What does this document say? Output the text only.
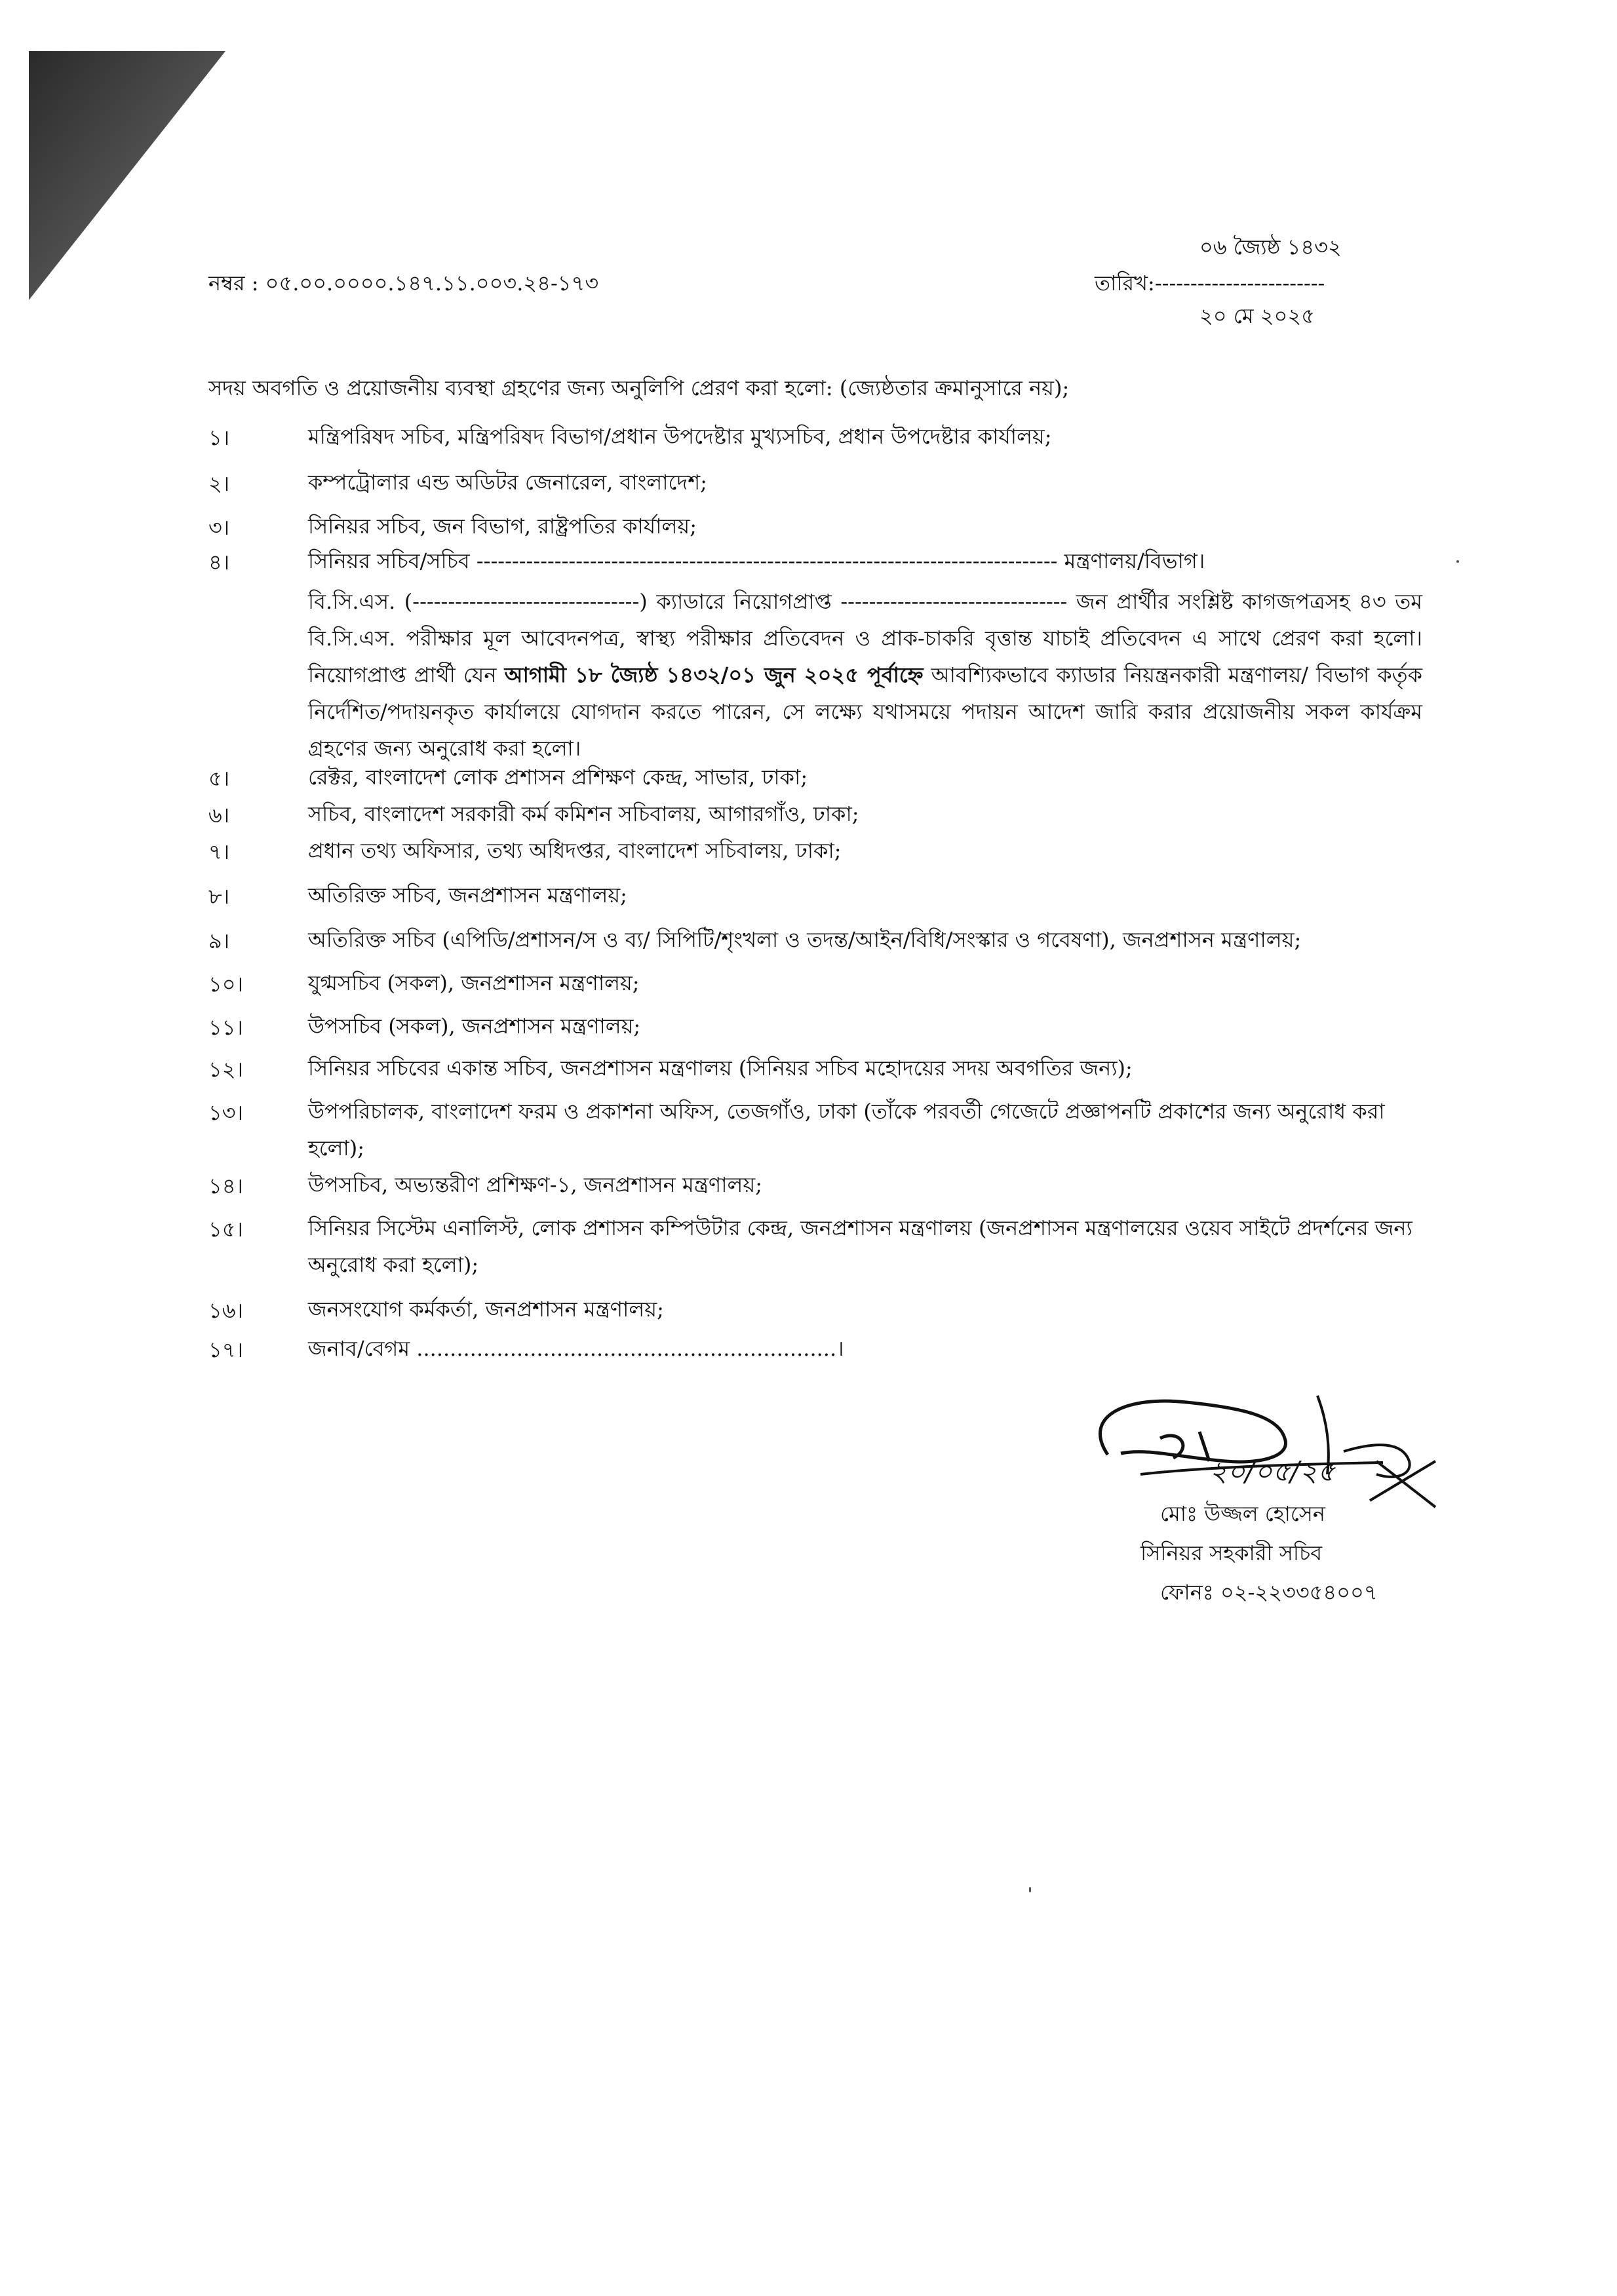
০৬ জ্যৈষ্ঠ ১৪৩২
নম্বর : ০৫.০০.০০০০.১৪৭.১১.০০৩.২৪-১৭৩	তারিখ:------------------------
২০ মে ২০২৫
সদয় অবগতি ও প্রয়োজনীয় ব্যবস্থা গ্রহণের জন্য অনুলিপি প্রেরণ করা হলো: (জ্যেষ্ঠতার ক্রমানুসারে নয়);
১।	মন্ত্রিপরিষদ সচিব, মন্ত্রিপরিষদ বিভাগ/প্রধান উপদেষ্টার মুখ্যসচিব, প্রধান উপদেষ্টার কার্যালয়;
২।	কম্পট্রোলার এন্ড অডিটর জেনারেল, বাংলাদেশ;
৩।	সিনিয়র সচিব, জন বিভাগ, রাষ্ট্রপতির কার্যালয়;
৪।	সিনিয়র সচিব/সচিব ---------------------------------------------------------------------------------- মন্ত্রণালয়/বিভাগ।
বি.সি.এস. (--------------------------------) ক্যাডারে নিয়োগপ্রাপ্ত -------------------------------- জন প্রার্থীর সংশ্লিষ্ট কাগজপত্রসহ ৪৩ তম বি.সি.এস. পরীক্ষার মূল আবেদনপত্র, স্বাস্থ্য পরীক্ষার প্রতিবেদন ও প্রাক-চাকরি বৃত্তান্ত যাচাই প্রতিবেদন এ সাথে প্রেরণ করা হলো। নিয়োগপ্রাপ্ত প্রার্থী যেন আগামী ১৮ জ্যৈষ্ঠ ১৪৩২/০১ জুন ২০২৫ পূর্বাহ্নে আবশ্যিকভাবে ক্যাডার নিয়ন্ত্রনকারী মন্ত্রণালয়/ বিভাগ কর্তৃক নির্দেশিত/পদায়নকৃত কার্যালয়ে যোগদান করতে পারেন, সে লক্ষ্যে যথাসময়ে পদায়ন আদেশ জারি করার প্রয়োজনীয় সকল কার্যক্রম গ্রহণের জন্য অনুরোধ করা হলো।
৫।	রেক্টর, বাংলাদেশ লোক প্রশাসন প্রশিক্ষণ কেন্দ্র, সাভার, ঢাকা;
৬।	সচিব, বাংলাদেশ সরকারী কর্ম কমিশন সচিবালয়, আগারগাঁও, ঢাকা;
৭।	প্রধান তথ্য অফিসার, তথ্য অধিদপ্তর, বাংলাদেশ সচিবালয়, ঢাকা;
৮।	অতিরিক্ত সচিব, জনপ্রশাসন মন্ত্রণালয়;
৯।	অতিরিক্ত সচিব (এপিডি/প্রশাসন/স ও ব্য/ সিপিটি/শৃংখলা ও তদন্ত/আইন/বিধি/সংস্কার ও গবেষণা), জনপ্রশাসন মন্ত্রণালয়;
১০।	যুগ্মসচিব (সকল), জনপ্রশাসন মন্ত্রণালয়;
১১।	উপসচিব (সকল), জনপ্রশাসন মন্ত্রণালয়;
১২।	সিনিয়র সচিবের একান্ত সচিব, জনপ্রশাসন মন্ত্রণালয় (সিনিয়র সচিব মহোদয়ের সদয় অবগতির জন্য);
১৩।	উপপরিচালক, বাংলাদেশ ফরম ও প্রকাশনা অফিস, তেজগাঁও, ঢাকা (তাঁকে পরবর্তী গেজেটে প্রজ্ঞাপনটি প্রকাশের জন্য অনুরোধ করা হলো);
১৪।	উপসচিব, অভ্যন্তরীণ প্রশিক্ষণ-১, জনপ্রশাসন মন্ত্রণালয়;
১৫।	সিনিয়র সিস্টেম এনালিস্ট, লোক প্রশাসন কম্পিউটার কেন্দ্র, জনপ্রশাসন মন্ত্রণালয় (জনপ্রশাসন মন্ত্রণালয়ের ওয়েব সাইটে প্রদর্শনের জন্য অনুরোধ করা হলো);
১৬।	জনসংযোগ কর্মকর্তা, জনপ্রশাসন মন্ত্রণালয়;
১৭।	জনাব/বেগম ...............................................................।
২০/০৫/২৫
মোঃ উজ্জল হোসেন
সিনিয়র সহকারী সচিব
ফোনঃ ০২-২২৩৩৫৪০০৭
